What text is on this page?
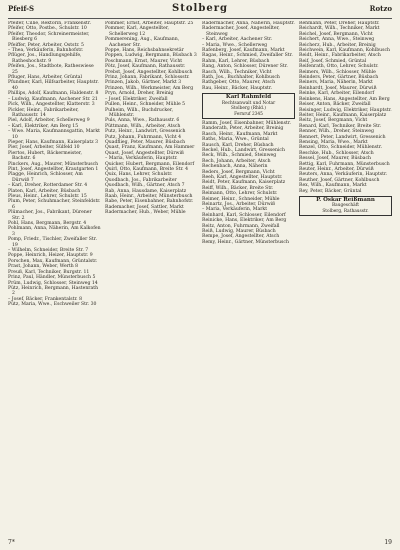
Pfeif-S	Stolberg	Rotzo

Pfeifer, Cillie, Rektorin, Frankenstr.

Pfeifer, Otto, Postbe., Schulstr. 10

Pfeifer, Theodor, Schreinermeister, Biesberg 6

Pfeiffer, Peter, Arbeiter, Oststr. 5

– Thea, Verkäuferin, Bahnhofstr.

Pflüger, Jos., Handlungsgehilfe, Ratheshochstr. 9

Pfeifen, Jos., Stadtbote, Ratheswiese 25

Pfluger, Hans, Arbeiter, Grüntal

Pfundner, Karl, Hilfsarbeiter, Hauptstr. 40

Phillips, Adolf, Kaufmann, Haldenstr. 8

– Ludwig, Kaufmann, Aachener Str. 21

Pick, Wilh., Angestellter, Klatterstr. 3

Pickler, Heinr., Fabrikarbeiter, Rathausstr. 14

Piel, Adolf, Arbeiter, Schellerweg 9

– Karl, Elektriker, Am Berg 15

– Wwe. Maria, Kaufmannsgattin, Markt 10

Pieper, Hans, Kaufmann, Kaiserplatz 3

Pier, Josef, Arbeiter, Sülfeld 10

Piertos, Hubert, Bäckermeister, Bachstr. 6

Pinckers, Aug., Maurer, Münsterbusch

Pint, Josef, Angestellter, Krautgarten 1

Plagge, Heinrich, Schlosser, Am Dürwiß 7

– Karl, Dreher, Rotterdamer Str. 4

Platen, Karl, Arbeiter, Büsbach

Pleus, Heinr., Lehrer, Schulstr. 15

Plum, Peter, Schuhmacher, Steinfeldstr. 6

Plümacher, Jos., Fabrikant, Dürener Str. 2

Pohl, Hans, Bergmann, Bergstr. 4

Pohlmann, Anna, Näherin, Am Kalkofen 3

Pomp, Friedr., Tischler, Zweifaller Str. 19

– Wilhelm, Schneider, Breite Str. 7

Poppe, Heinrich, Heizer, Hauptstr. 9

Porschen, Max, Kaufmann, Grüntalstr.

Prast, Johann, Weber, Werth 8

Preuß, Karl, Techniker, Burgstr. 11

Prinz, Paul, Händler, Münsterbusch 5

Prüm, Ludwig, Schlosser, Steinweg 14

Pütz, Heinrich, Bergmann, Hastenrath 2

– Josef, Bäcker, Frankentalstr. 8

Pütz, Maria, Wwe., Eschweiler Str. 30

Pommer, Ernst, Arbeiter, Hauptstr. 25

Pommer, Karl, Angestellter, Schellerweg 12

Pommerening, Aug., Kaufmann, Aachener Str.

Poppe, Hans, Reichsbahnsekretär

Poppen, Ludwig, Bergmann, Büsbach 3

Poschmann, Ernst, Maurer, Vicht

Pötz, Josef, Kaufmann, Rathausstr.

Prebst, Josef, Angestellter, Kohlbusch

Prinz, Johann, Fabrikant, Schlossstr.

Prinzen, Jakob, Gärtner, Markt 3

Prinzen, Wilh., Werkmeister, Am Berg

Pryn, Arnold, Dreher, Breinig

– Josef, Elektriker, Zweifall

Pullen, Heinr., Schneider, Mühle 5

Pulheim, Wilh., Buchdrucker, Mühlenstr.

Puls, Anna, Wwe., Rathausstr. 6

Püttmann, Wilh., Arbeiter, Atsch

Putz, Heinr., Landwirt, Gressenich

Putz, Johann, Fuhrmann, Vicht 4

Quadflieg, Peter, Maurer, Büsbach

Quast, Franz, Kaufmann, Am Hammer

Quast, Josef, Angestellter, Dürwiß

– Maria, Verkäuferin, Hauptstr.

Quicker, Hubert, Bergmann, Eilendorf

Quirl, Otto, Kaufmann, Breite Str. 4

Quix, Hans, Lehrer, Schulstr.

Quodbach, Jos., Fabrikarbeiter

Quodbach, Wilh., Gärtner, Atsch 7

Rab, Anna, Hausdame, Kaiserplatz

Raab, Heinr., Arbeiter, Münsterbusch

Rabe, Peter, Eisenbahner, Bahnhofstr.

Rademacher, Josef, Sattler, Markt

Radermacher, Hub., Weber, Mühle

Radermacher, Anna, Näherin, Hauptstr.

Radermacher, Josef, Angestellter, Steinweg

– Karl, Arbeiter, Aachener Str.

– Maria, Wwe., Schellerweg

Rafenberg, Josef, Kaufmann, Markt

Ragas, Heinr., Schmied, Zweifaller Str.

Rahm, Karl, Lehrer, Büsbach

Rang, Anton, Schlosser, Dürener Str.

Rasch, Wilh., Techniker, Vicht

Rath, Jos., Buchhalter, Kohlbusch

Rathgeber, Otto, Maurer, Atsch

Rau, Heinr., Bäcker, Hauptstr.

Karl Rahmfeld
Rechtsanwalt und Notar
Stolberg (Rhld.)
Fernruf 2345

Ramm, Josef, Eisenbahner, Mühlenstr.

Randerath, Peter, Arbeiter, Breinig

Rasch, Heinr., Kaufmann, Markt

Raths, Maria, Wwe., Grüntal

Rausch, Karl, Dreher, Büsbach

Reckel, Hub., Landwirt, Gressenich

Reck, Wilh., Schmied, Steinweg

Rech, Johann, Arbeiter, Atsch

Rechenbach, Anna, Näherin

Reders, Josef, Bergmann, Vicht

Reeh, Karl, Angestellter, Hauptstr.

Reidt, Peter, Kaufmann, Kaiserplatz

Reiff, Wilh., Bäcker, Breite Str.

Reimann, Otto, Lehrer, Schulstr.

Reimer, Heinr., Schneider, Mühle

Reinartz, Jos., Arbeiter, Dürwiß

– Maria, Verkäuferin, Markt

Reinhard, Karl, Schlosser, Eilendorf

Reinicke, Hans, Elektriker, Am Berg

Reitz, Anton, Fuhrmann, Zweifall

Reiß, Ludwig, Maurer, Büsbach

Rempe, Josef, Angestellter, Atsch

Remy, Heinr., Gärtner, Münsterbusch

Rehmann, Peter, Dreher, Hauptstr.

Reichardt, Wilh., Techniker, Markt

Reichel, Josef, Bergmann, Vicht

Reichert, Anna, Wwe., Steinweg

Reicherz, Hub., Arbeiter, Breinig

Reichwein, Karl, Kaufmann, Kohlbusch

Reidt, Heinr., Fabrikarbeiter, Atsch

Reif, Josef, Schmied, Grüntal

Reifenrath, Otto, Lehrer, Schulstr.

Reimers, Wilh., Schlosser, Mühle

Reinders, Peter, Gärtner, Büsbach

Reiners, Maria, Näherin, Markt

Reinhardt, Josef, Maurer, Dürwiß

Reinke, Karl, Arbeiter, Eilendorf

Reinkens, Hans, Angestellter, Am Berg

Reiser, Anton, Bäcker, Zweifall

Reisinger, Ludwig, Elektriker, Hauptstr.

Reiter, Heinr., Kaufmann, Kaiserplatz

Reitz, Josef, Bergmann, Vicht

Renard, Karl, Techniker, Breite Str.

Renner, Wilh., Dreher, Steinweg

Rennert, Peter, Landwirt, Gressenich

Rensing, Maria, Wwe., Markt

Renzel, Otto, Schneider, Mühlenstr.

Reschke, Hub., Schlosser, Atsch

Ressel, Josef, Maurer, Büsbach

Rettig, Karl, Fuhrmann, Münsterbusch

Reuter, Heinr., Arbeiter, Dürwiß

Reuters, Anna, Verkäuferin, Hauptstr.

Reuther, Josef, Gärtner, Kohlbusch

Rex, Wilh., Kaufmann, Markt

Rey, Peter, Bäcker, Grüntal

P. Oskar Reißmann
Baugeschäft
Stolberg, Rathausstr.
7*	19
